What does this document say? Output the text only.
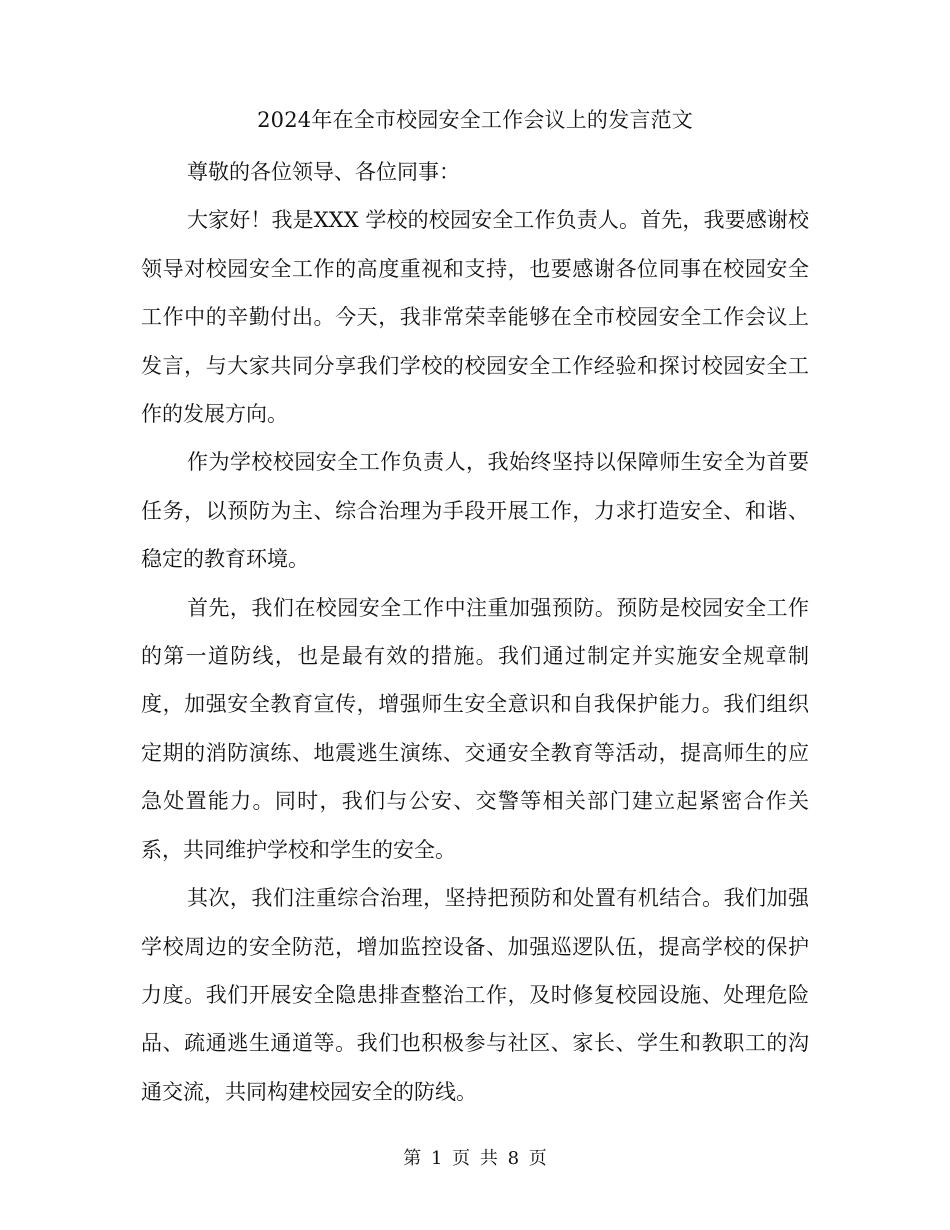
2024年在全市校园安全工作会议上的发言范文

尊敬的各位领导、各位同事：

大家好！我是XXX 学校的校园安全工作负责人。首先，我要感谢校领导对校园安全工作的高度重视和支持，也要感谢各位同事在校园安全工作中的辛勤付出。今天，我非常荣幸能够在全市校园安全工作会议上发言，与大家共同分享我们学校的校园安全工作经验和探讨校园安全工作的发展方向。

作为学校校园安全工作负责人，我始终坚持以保障师生安全为首要任务，以预防为主、综合治理为手段开展工作，力求打造安全、和谐、稳定的教育环境。

首先，我们在校园安全工作中注重加强预防。预防是校园安全工作的第一道防线，也是最有效的措施。我们通过制定并实施安全规章制度，加强安全教育宣传，增强师生安全意识和自我保护能力。我们组织定期的消防演练、地震逃生演练、交通安全教育等活动，提高师生的应急处置能力。同时，我们与公安、交警等相关部门建立起紧密合作关系，共同维护学校和学生的安全。

其次，我们注重综合治理，坚持把预防和处置有机结合。我们加强学校周边的安全防范，增加监控设备、加强巡逻队伍，提高学校的保护力度。我们开展安全隐患排查整治工作，及时修复校园设施、处理危险品、疏通逃生通道等。我们也积极参与社区、家长、学生和教职工的沟通交流，共同构建校园安全的防线。

第 1 页 共 8 页
